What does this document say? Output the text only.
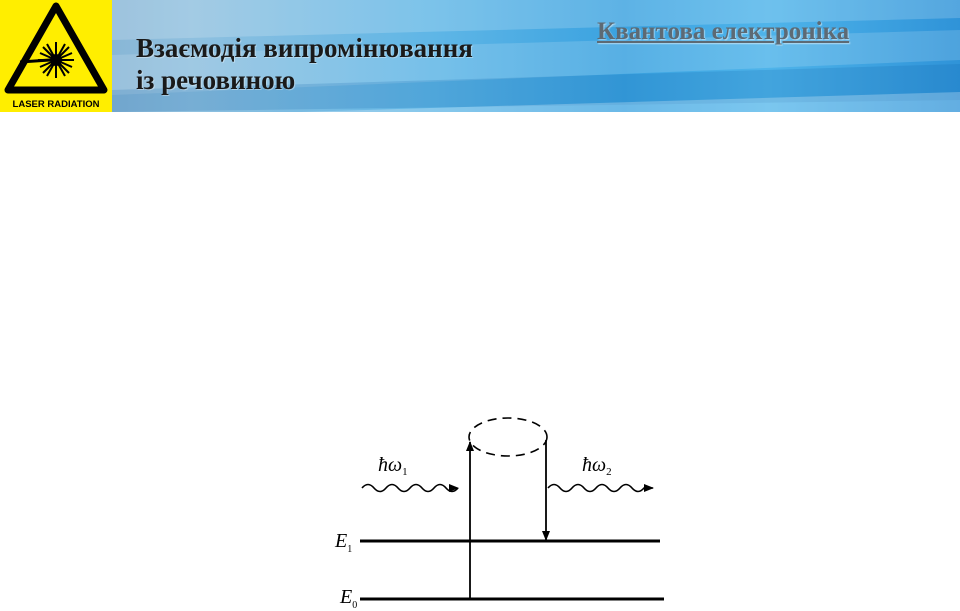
LASER RADIATION
Взаємодія випромінювання
із речовиною
Квантова електроніка
$ħ\omega_1$	$ħ\omega_2$
$E_1$
$E_0$
